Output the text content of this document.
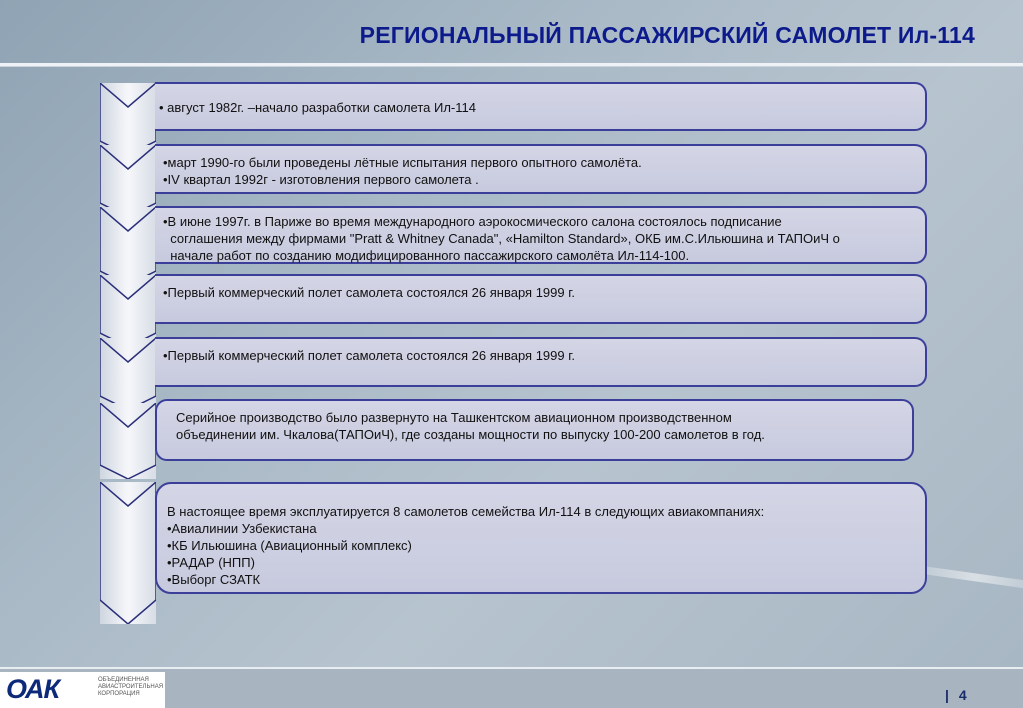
РЕГИОНАЛЬНЫЙ ПАССАЖИРСКИЙ САМОЛЕТ Ил-114
• август 1982г. –начало разработки самолета Ил-114
•март 1990-го были проведены лётные испытания первого опытного самолёта.
•IV квартал 1992г - изготовления первого самолета .
•В июне 1997г. в Париже во время международного аэрокосмического салона состоялось подписание
соглашения между фирмами "Pratt & Whitney Canada", «Hamilton Standard», ОКБ им.С.Ильюшина и ТАПОиЧ о
начале работ по созданию модифицированного пассажирского самолёта Ил-114-100.
•Первый коммерческий полет самолета состоялся 26 января 1999 г.
•Первый коммерческий полет самолета состоялся 26 января 1999 г.
Серийное производство было развернуто на Ташкентском авиационном производственном
объединении им. Чкалова(ТАПОиЧ), где созданы мощности по выпуску 100-200 самолетов в год.
В настоящее время эксплуатируется 8 самолетов семейства Ил-114 в следующих авиакомпаниях:
•Авиалинии Узбекистана
•КБ Ильюшина (Авиационный комплекс)
•РАДАР (НПП)
•Выборг СЗАТК
ОАК	ОБЪЕДИНЕННАЯ
АВИАСТРОИТЕЛЬНАЯ
КОРПОРАЦИЯ	| 4
